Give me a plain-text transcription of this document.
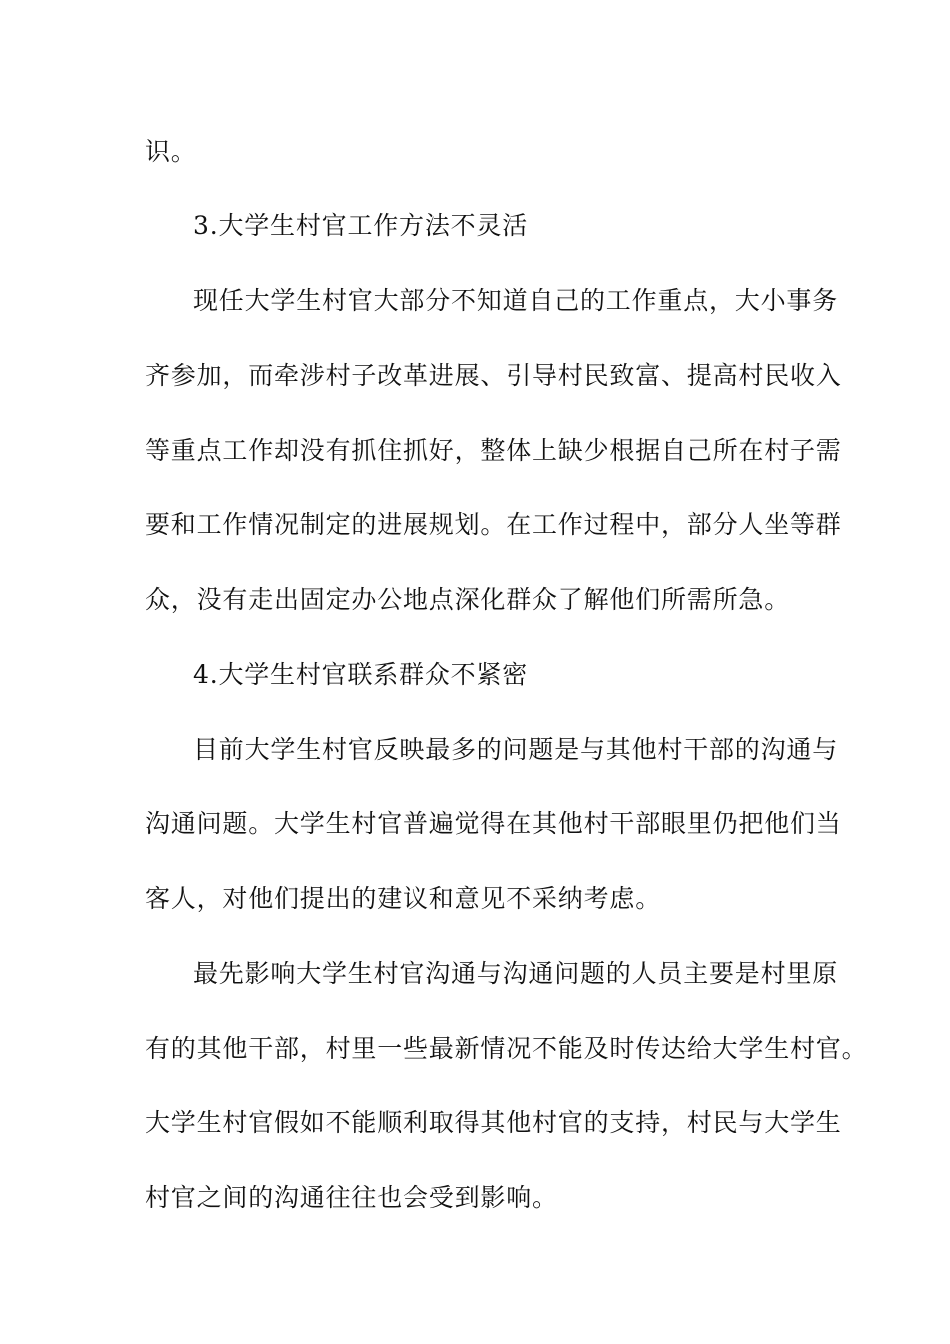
识。
3.大学生村官工作方法不灵活
现任大学生村官大部分不知道自己的工作重点，大小事务
齐参加，而牵涉村子改革进展、引导村民致富、提高村民收入
等重点工作却没有抓住抓好，整体上缺少根据自己所在村子需
要和工作情况制定的进展规划。在工作过程中，部分人坐等群
众，没有走出固定办公地点深化群众了解他们所需所急。
4.大学生村官联系群众不紧密
目前大学生村官反映最多的问题是与其他村干部的沟通与
沟通问题。大学生村官普遍觉得在其他村干部眼里仍把他们当
客人，对他们提出的建议和意见不采纳考虑。
最先影响大学生村官沟通与沟通问题的人员主要是村里原
有的其他干部，村里一些最新情况不能及时传达给大学生村官。
大学生村官假如不能顺利取得其他村官的支持，村民与大学生
村官之间的沟通往往也会受到影响。
